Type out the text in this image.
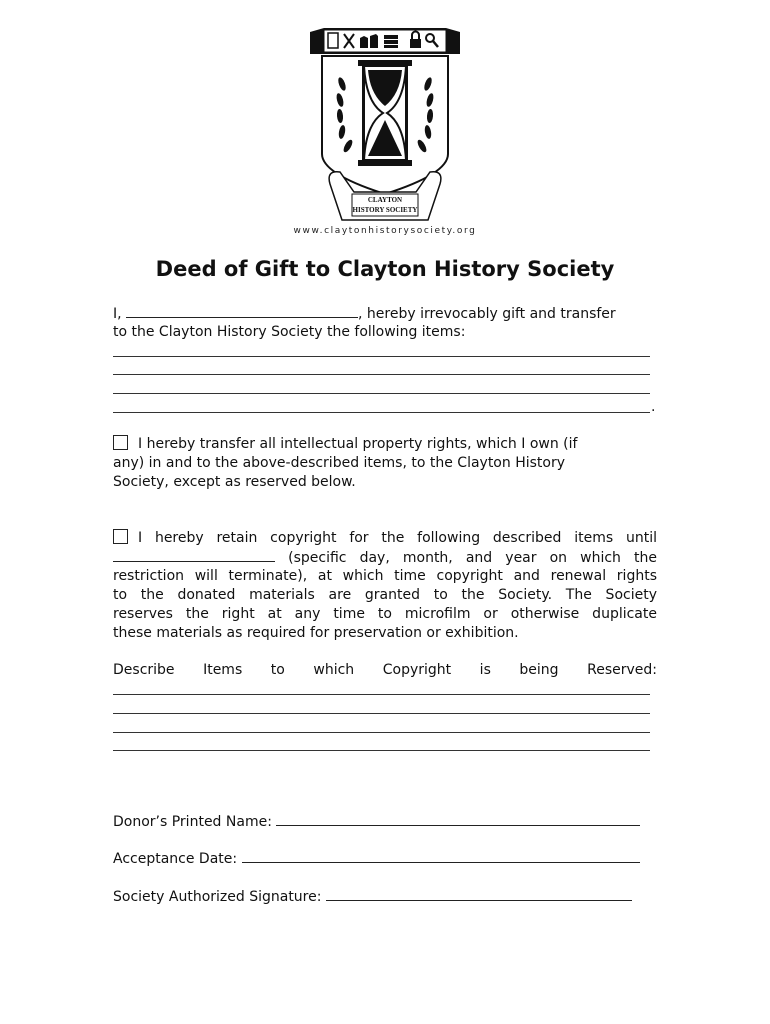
CLAYTON
HISTORY SOCIETY
www.claytonhistorysociety.org
Deed of Gift to Clayton History Society
I,	, hereby irrevocably gift and transfer
to the Clayton History Society the following items:
.
I hereby transfer all intellectual property rights, which I own (if
any) in and to the above-described items, to the Clayton History
Society, except as reserved below.
I hereby retain copyright for the following described items until
(specific day, month, and year on which the
restriction will terminate), at which time copyright and renewal rights
to the donated materials are granted to the Society. The Society
reserves the right at any time to microfilm or otherwise duplicate
these materials as required for preservation or exhibition.
Describe Items to which Copyright is being Reserved:
Donor’s Printed Name:
Acceptance Date:
Society Authorized Signature:
